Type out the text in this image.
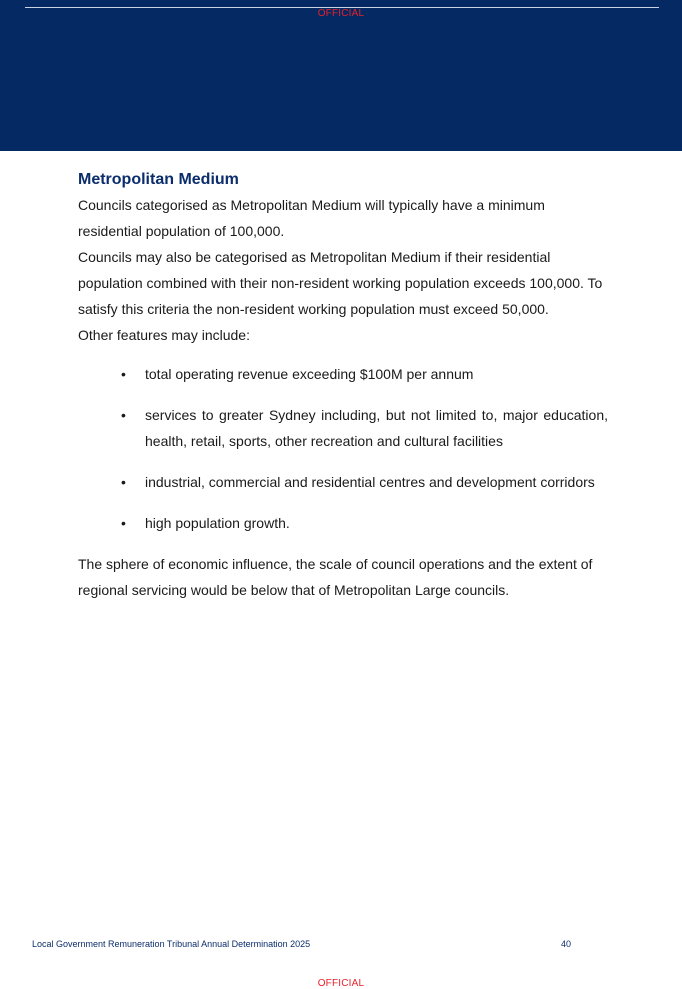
OFFICIAL
Metropolitan Medium

Councils categorised as Metropolitan Medium will typically have a minimum residential population of 100,000.

Councils may also be categorised as Metropolitan Medium if their residential population combined with their non-resident working population exceeds 100,000. To satisfy this criteria the non-resident working population must exceed 50,000.

Other features may include:

• total operating revenue exceeding $100M per annum
• services to greater Sydney including, but not limited to, major education, health, retail, sports, other recreation and cultural facilities
• industrial, commercial and residential centres and development corridors
• high population growth.

The sphere of economic influence, the scale of council operations and the extent of regional servicing would be below that of Metropolitan Large councils.

Local Government Remuneration Tribunal Annual Determination 2025	40
OFFICIAL
